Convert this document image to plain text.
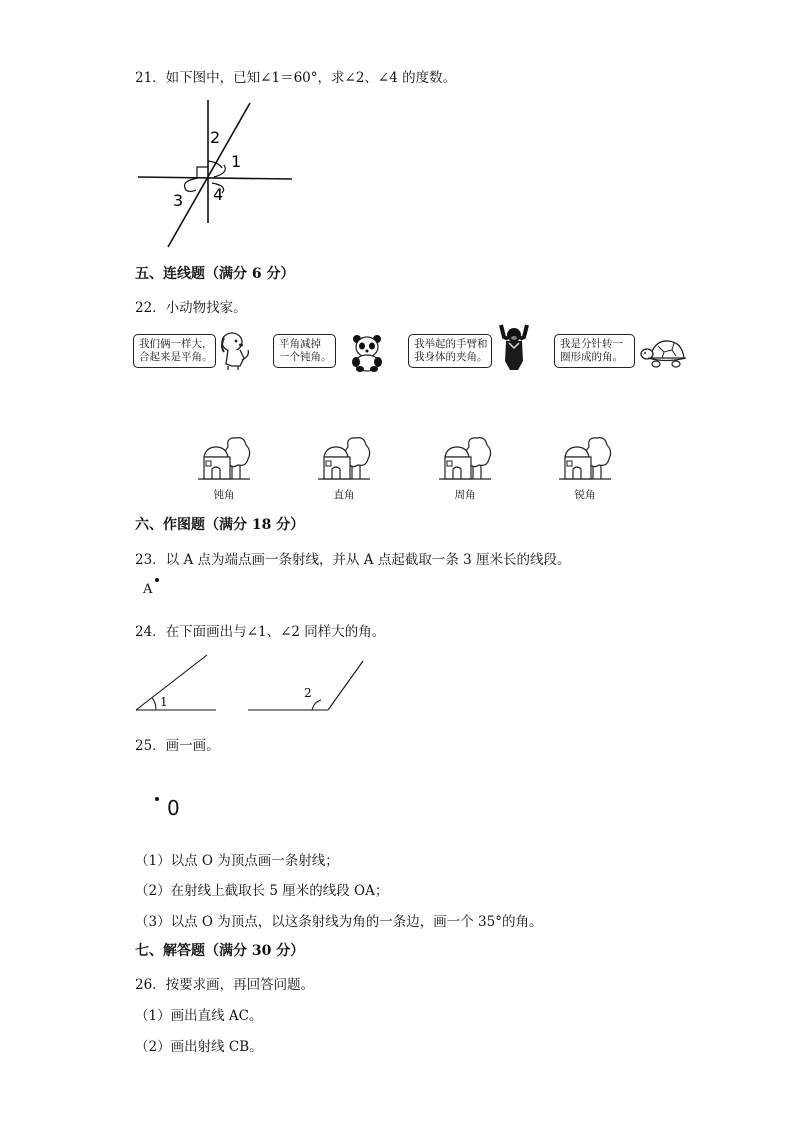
21．如下图中，已知∠1＝60°，求∠2、∠4 的度数。
2
1
3 4
五、连线题（满分 6 分）
22．小动物找家。
我们俩一样大，
合起来是平角。
平角减掉
一个钝角。
我举起的手臂和
我身体的夹角。
我是分针转一
圈形成的角。
钝角	直角	周角	锐角
六、作图题（满分 18 分）
23．以 A 点为端点画一条射线，并从 A 点起截取一条 3 厘米长的线段。
A
24．在下面画出与∠1、∠2 同样大的角。
1
2
25．画一画。
0
（1）以点 O 为顶点画一条射线；
（2）在射线上截取长 5 厘米的线段 OA；
（3）以点 O 为顶点，以这条射线为角的一条边，画一个 35°的角。
七、解答题（满分 30 分）
26．按要求画，再回答问题。
（1）画出直线 AC。
（2）画出射线 CB。
